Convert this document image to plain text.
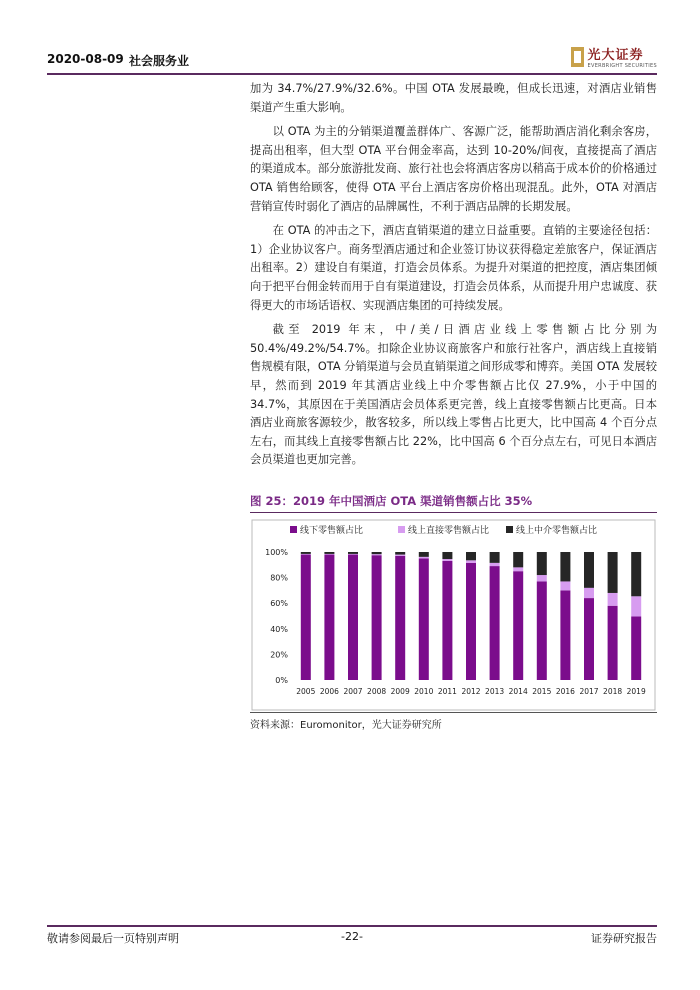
2020-08-09 社会服务业	光大证券
EVERBRIGHT SECURITIES

加为 34.7%/27.9%/32.6%。中国 OTA 发展最晚，但成长迅速，对酒店业销售渠道产生重大影响。

以 OTA 为主的分销渠道覆盖群体广、客源广泛，能帮助酒店消化剩余客房，提高出租率，但大型 OTA 平台佣金率高，达到 10-20%/间夜，直接提高了酒店的渠道成本。部分旅游批发商、旅行社也会将酒店客房以稍高于成本价的价格通过 OTA 销售给顾客，使得 OTA 平台上酒店客房价格出现混乱。此外，OTA 对酒店营销宣传时弱化了酒店的品牌属性，不利于酒店品牌的长期发展。

在 OTA 的冲击之下，酒店直销渠道的建立日益重要。直销的主要途径包括：1）企业协议客户。商务型酒店通过和企业签订协议获得稳定差旅客户，保证酒店出租率。2）建设自有渠道，打造会员体系。为提升对渠道的把控度，酒店集团倾向于把平台佣金转而用于自有渠道建设，打造会员体系，从而提升用户忠诚度、获得更大的市场话语权、实现酒店集团的可持续发展。

截至 2019 年末，中/美/日酒店业线上零售额占比分别为 50.4%/49.2%/54.7%。扣除企业协议商旅客户和旅行社客户，酒店线上直接销售规模有限，OTA 分销渠道与会员直销渠道之间形成零和博弈。美国 OTA 发展较早，然而到 2019 年其酒店业线上中介零售额占比仅 27.9%，小于中国的 34.7%，其原因在于美国酒店会员体系更完善，线上直接零售额占比更高。日本酒店业商旅客源较少，散客较多，所以线上零售占比更大，比中国高 4 个百分点左右，而其线上直接零售额占比 22%，比中国高 6 个百分点左右，可见日本酒店会员渠道也更加完善。

图 25：2019 年中国酒店 OTA 渠道销售额占比 35%
线下零售额占比	线上直接零售额占比	线上中介零售额占比
0%
20%
40%
60%
80%
100%
2005 2006 2007 2008 2009 2010 2011 2012 2013 2014 2015 2016 2017 2018 2019
资料来源：Euromonitor，光大证券研究所
敬请参阅最后一页特别声明	-22-	证券研究报告
